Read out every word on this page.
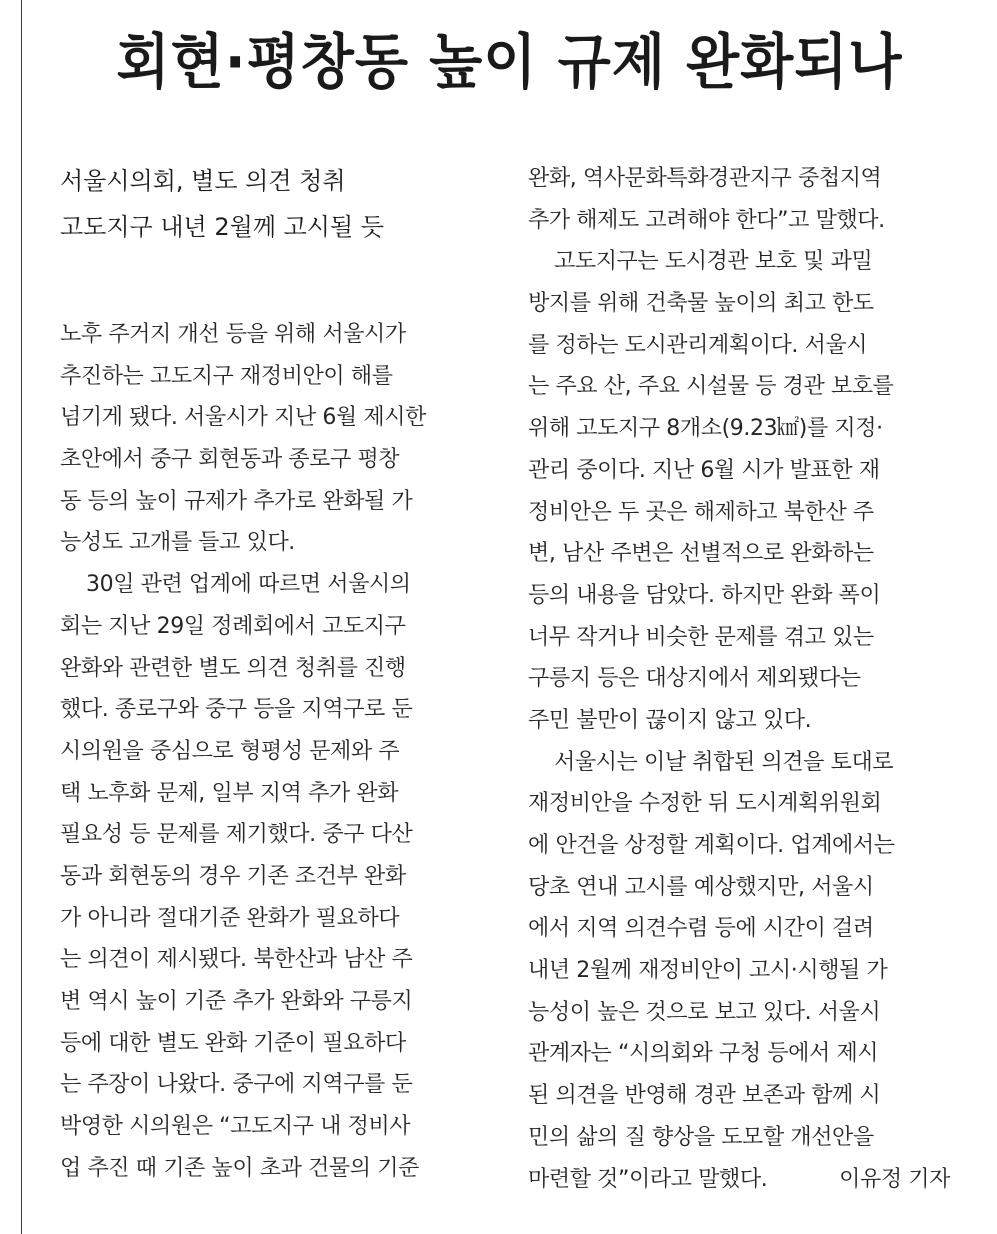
회현·평창동 높이 규제 완화되나

서울시의회, 별도 의견 청취

고도지구 내년 2월께 고시될 듯

노후 주거지 개선 등을 위해 서울시가
추진하는 고도지구 재정비안이 해를
넘기게 됐다. 서울시가 지난 6월 제시한
초안에서 중구 회현동과 종로구 평창
동 등의 높이 규제가 추가로 완화될 가
능성도 고개를 들고 있다.
30일 관련 업계에 따르면 서울시의
회는 지난 29일 정례회에서 고도지구
완화와 관련한 별도 의견 청취를 진행
했다. 종로구와 중구 등을 지역구로 둔
시의원을 중심으로 형평성 문제와 주
택 노후화 문제, 일부 지역 추가 완화
필요성 등 문제를 제기했다. 중구 다산
동과 회현동의 경우 기존 조건부 완화
가 아니라 절대기준 완화가 필요하다
는 의견이 제시됐다. 북한산과 남산 주
변 역시 높이 기준 추가 완화와 구릉지
등에 대한 별도 완화 기준이 필요하다
는 주장이 나왔다. 중구에 지역구를 둔
박영한 시의원은 “고도지구 내 정비사
업 추진 때 기존 높이 초과 건물의 기준
완화, 역사문화특화경관지구 중첩지역
추가 해제도 고려해야 한다”고 말했다.
고도지구는 도시경관 보호 및 과밀
방지를 위해 건축물 높이의 최고 한도
를 정하는 도시관리계획이다. 서울시
는 주요 산, 주요 시설물 등 경관 보호를
위해 고도지구 8개소(9.23㎢)를 지정·
관리 중이다. 지난 6월 시가 발표한 재
정비안은 두 곳은 해제하고 북한산 주
변, 남산 주변은 선별적으로 완화하는
등의 내용을 담았다. 하지만 완화 폭이
너무 작거나 비슷한 문제를 겪고 있는
구릉지 등은 대상지에서 제외됐다는
주민 불만이 끊이지 않고 있다.
서울시는 이날 취합된 의견을 토대로
재정비안을 수정한 뒤 도시계획위원회
에 안건을 상정할 계획이다. 업계에서는
당초 연내 고시를 예상했지만, 서울시
에서 지역 의견수렴 등에 시간이 걸려
내년 2월께 재정비안이 고시·시행될 가
능성이 높은 것으로 보고 있다. 서울시
관계자는 “시의회와 구청 등에서 제시
된 의견을 반영해 경관 보존과 함께 시
민의 삶의 질 향상을 도모할 개선안을
마련할 것”이라고 말했다.	이유정 기자
